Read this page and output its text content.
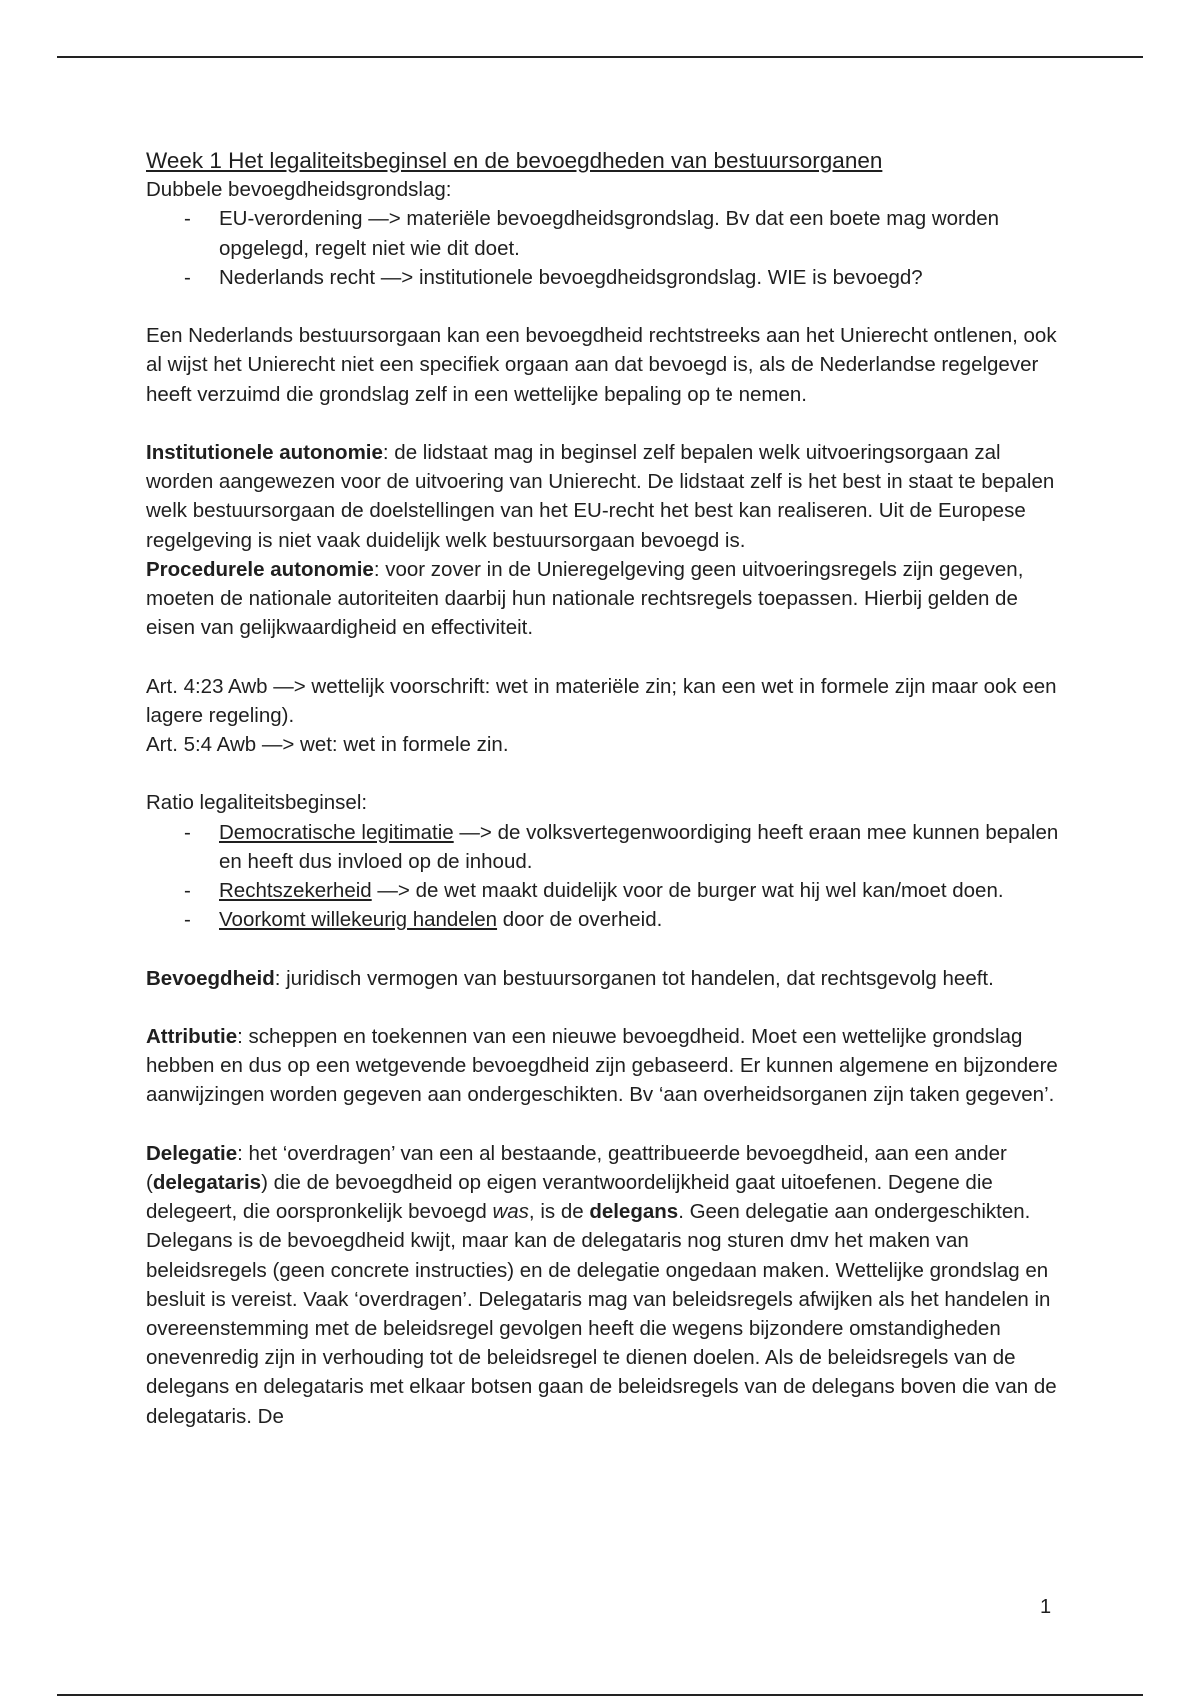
Week 1 Het legaliteitsbeginsel en de bevoegdheden van bestuursorganen

Dubbele bevoegdheidsgrondslag:

- EU-verordening —> materiële bevoegdheidsgrondslag. Bv dat een boete mag worden opgelegd, regelt niet wie dit doet.
- Nederlands recht —> institutionele bevoegdheidsgrondslag. WIE is bevoegd?

Een Nederlands bestuursorgaan kan een bevoegdheid rechtstreeks aan het Unierecht ontlenen, ook al wijst het Unierecht niet een specifiek orgaan aan dat bevoegd is, als de Nederlandse regelgever heeft verzuimd die grondslag zelf in een wettelijke bepaling op te nemen.

Institutionele autonomie: de lidstaat mag in beginsel zelf bepalen welk uitvoeringsorgaan zal worden aangewezen voor de uitvoering van Unierecht. De lidstaat zelf is het best in staat te bepalen welk bestuursorgaan de doelstellingen van het EU-recht het best kan realiseren. Uit de Europese regelgeving is niet vaak duidelijk welk bestuursorgaan bevoegd is.

Procedurele autonomie: voor zover in de Unieregelgeving geen uitvoeringsregels zijn gegeven, moeten de nationale autoriteiten daarbij hun nationale rechtsregels toepassen. Hierbij gelden de eisen van gelijkwaardigheid en effectiviteit.

Art. 4:23 Awb —> wettelijk voorschrift: wet in materiële zin; kan een wet in formele zijn maar ook een lagere regeling).

Art. 5:4 Awb —> wet: wet in formele zin.

Ratio legaliteitsbeginsel:

- Democratische legitimatie —> de volksvertegenwoordiging heeft eraan mee kunnen bepalen en heeft dus invloed op de inhoud.
- Rechtszekerheid —> de wet maakt duidelijk voor de burger wat hij wel kan/moet doen.
- Voorkomt willekeurig handelen door de overheid.

Bevoegdheid: juridisch vermogen van bestuursorganen tot handelen, dat rechtsgevolg heeft.

Attributie: scheppen en toekennen van een nieuwe bevoegdheid. Moet een wettelijke grondslag hebben en dus op een wetgevende bevoegdheid zijn gebaseerd. Er kunnen algemene en bijzondere aanwijzingen worden gegeven aan ondergeschikten. Bv ‘aan overheidsorganen zijn taken gegeven’.

Delegatie: het ‘overdragen’ van een al bestaande, geattribueerde bevoegdheid, aan een ander (delegataris) die de bevoegdheid op eigen verantwoordelijkheid gaat uitoefenen. Degene die delegeert, die oorspronkelijk bevoegd was, is de delegans. Geen delegatie aan ondergeschikten. Delegans is de bevoegdheid kwijt, maar kan de delegataris nog sturen dmv het maken van beleidsregels (geen concrete instructies) en de delegatie ongedaan maken. Wettelijke grondslag en besluit is vereist. Vaak ‘overdragen’. Delegataris mag van beleidsregels afwijken als het handelen in overeenstemming met de beleidsregel gevolgen heeft die wegens bijzondere omstandigheden onevenredig zijn in verhouding tot de beleidsregel te dienen doelen. Als de beleidsregels van de delegans en delegataris met elkaar botsen gaan de beleidsregels van de delegans boven die van de delegataris. De

1
